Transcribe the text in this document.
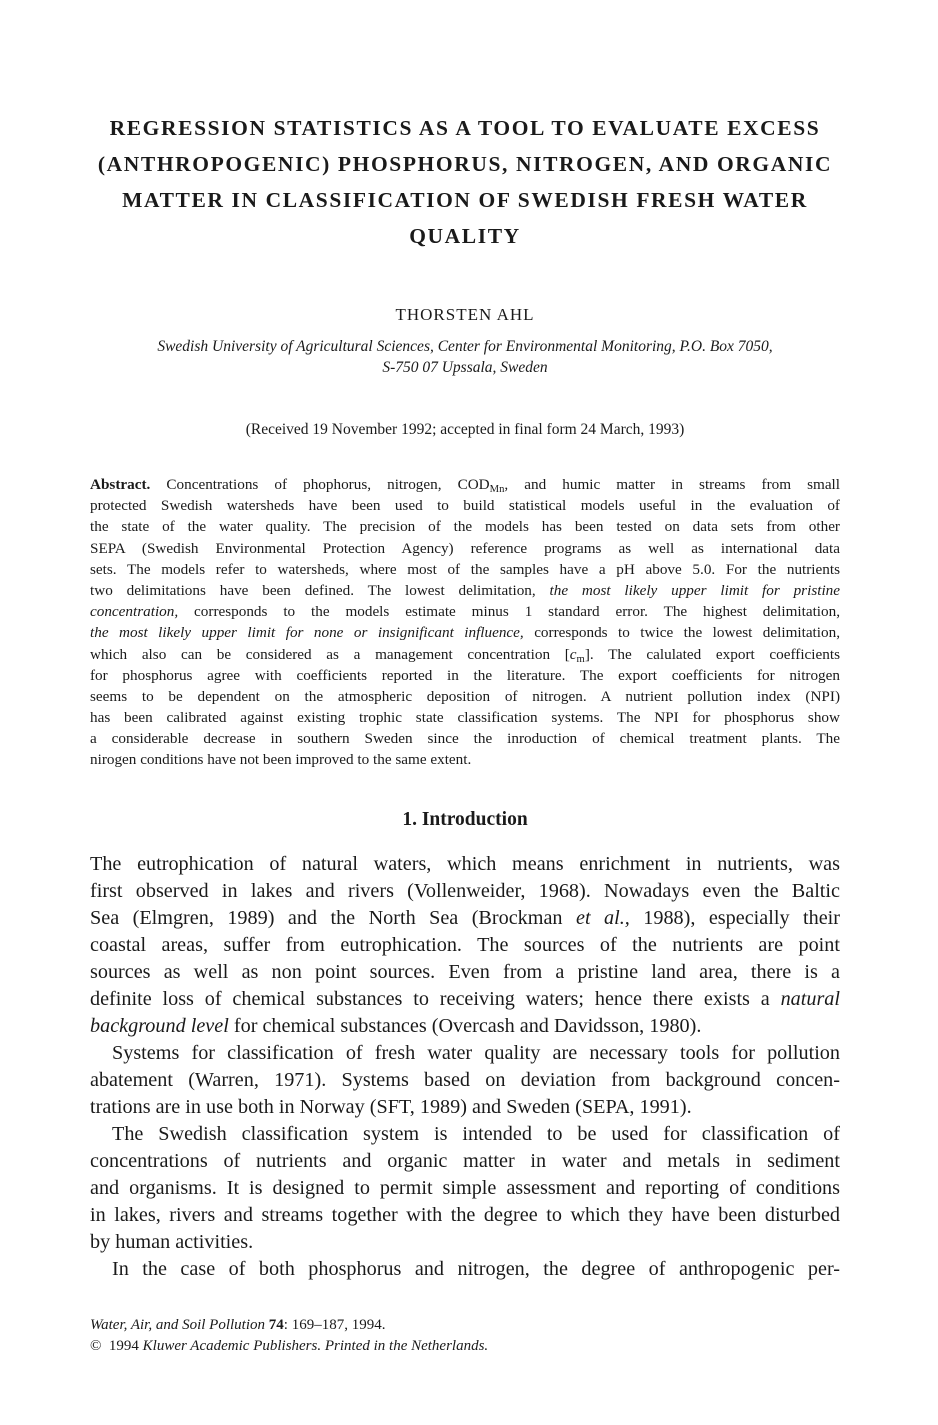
REGRESSION STATISTICS AS A TOOL TO EVALUATE EXCESS
(ANTHROPOGENIC) PHOSPHORUS, NITROGEN, AND ORGANIC
MATTER IN CLASSIFICATION OF SWEDISH FRESH WATER
QUALITY
THORSTEN AHL
Swedish University of Agricultural Sciences, Center for Environmental Monitoring, P.O. Box 7050,
S-750 07 Upssala, Sweden
(Received 19 November 1992; accepted in final form 24 March, 1993)
Abstract. Concentrations of phophorus, nitrogen, $COD_{Mn}$, and humic matter in streams from small
protected Swedish watersheds have been used to build statistical models useful in the evaluation of
the state of the water quality. The precision of the models has been tested on data sets from other
SEPA (Swedish Environmental Protection Agency) reference programs as well as international data
sets. The models refer to watersheds, where most of the samples have a pH above 5.0. For the nutrients
two delimitations have been defined. The lowest delimitation, the most likely upper limit for pristine
concentration, corresponds to the models estimate minus 1 standard error. The highest delimitation,
the most likely upper limit for none or insignificant influence, corresponds to twice the lowest delimitation,
which also can be considered as a management concentration $[c_m]$. The calulated export coefficients
for phosphorus agree with coefficients reported in the literature. The export coefficients for nitrogen
seems to be dependent on the atmospheric deposition of nitrogen. A nutrient pollution index (NPI)
has been calibrated against existing trophic state classification systems. The NPI for phosphorus show
a considerable decrease in southern Sweden since the inroduction of chemical treatment plants. The
nirogen conditions have not been improved to the same extent.
1. Introduction
The eutrophication of natural waters, which means enrichment in nutrients, was
first observed in lakes and rivers (Vollenweider, 1968). Nowadays even the Baltic
Sea (Elmgren, 1989) and the North Sea (Brockman et al., 1988), especially their
coastal areas, suffer from eutrophication. The sources of the nutrients are point
sources as well as non point sources. Even from a pristine land area, there is a
definite loss of chemical substances to receiving waters; hence there exists a natural
background level for chemical substances (Overcash and Davidsson, 1980).
Systems for classification of fresh water quality are necessary tools for pollution
abatement (Warren, 1971). Systems based on deviation from background concen-
trations are in use both in Norway (SFT, 1989) and Sweden (SEPA, 1991).
The Swedish classification system is intended to be used for classification of
concentrations of nutrients and organic matter in water and metals in sediment
and organisms. It is designed to permit simple assessment and reporting of conditions
in lakes, rivers and streams together with the degree to which they have been disturbed
by human activities.
In the case of both phosphorus and nitrogen, the degree of anthropogenic per-
Water, Air, and Soil Pollution 74: 169–187, 1994.
© 1994 Kluwer Academic Publishers. Printed in the Netherlands.
